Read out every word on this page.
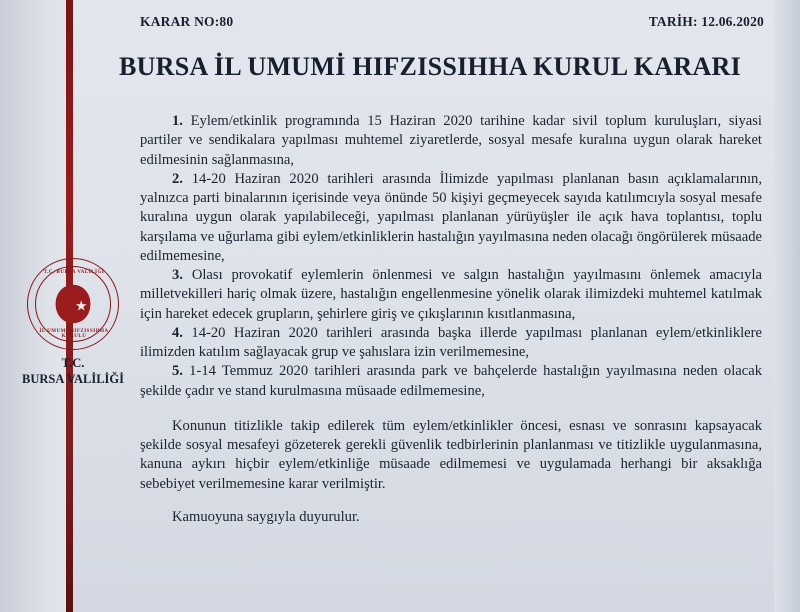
KARAR NO:80	TARİH: 12.06.2020
BURSA İL UMUMİ HIFZISSIHHA KURUL KARARI
T.C. BURSA VALİLİĞİ
İL UMUMİ HIFZISSIHHA KURULU
T.C.
BURSA VALİLİĞİ

1. Eylem/etkinlik programında 15 Haziran 2020 tarihine kadar sivil toplum kuruluşları, siyasi partiler ve sendikalara yapılması muhtemel ziyaretlerde, sosyal mesafe kuralına uygun olarak hareket edilmesinin sağlanmasına,

2. 14-20 Haziran 2020 tarihleri arasında İlimizde yapılması planlanan basın açıklamalarının, yalnızca parti binalarının içerisinde veya önünde 50 kişiyi geçmeyecek sayıda katılımcıyla sosyal mesafe kuralına uygun olarak yapılabileceği, yapılması planlanan yürüyüşler ile açık hava toplantısı, toplu karşılama ve uğurlama gibi eylem/etkinliklerin hastalığın yayılmasına neden olacağı öngörülerek müsaade edilmemesine,

3. Olası provokatif eylemlerin önlenmesi ve salgın hastalığın yayılmasını önlemek amacıyla milletvekilleri hariç olmak üzere, hastalığın engellenmesine yönelik olarak ilimizdeki muhtemel katılmak için hareket edecek grupların, şehirlere giriş ve çıkışlarının kısıtlanmasına,

4. 14-20 Haziran 2020 tarihleri arasında başka illerde yapılması planlanan eylem/etkinliklere ilimizden katılım sağlayacak grup ve şahıslara izin verilmemesine,

5. 1-14 Temmuz 2020 tarihleri arasında park ve bahçelerde hastalığın yayılmasına neden olacak şekilde çadır ve stand kurulmasına müsaade edilmemesine,

Konunun titizlikle takip edilerek tüm eylem/etkinlikler öncesi, esnası ve sonrasını kapsayacak şekilde sosyal mesafeyi gözeterek gerekli güvenlik tedbirlerinin planlanması ve titizlikle uygulanmasına, kanuna aykırı hiçbir eylem/etkinliğe müsaade edilmemesi ve uygulamada herhangi bir aksaklığa sebebiyet verilmemesine karar verilmiştir.

Kamuoyuna saygıyla duyurulur.
